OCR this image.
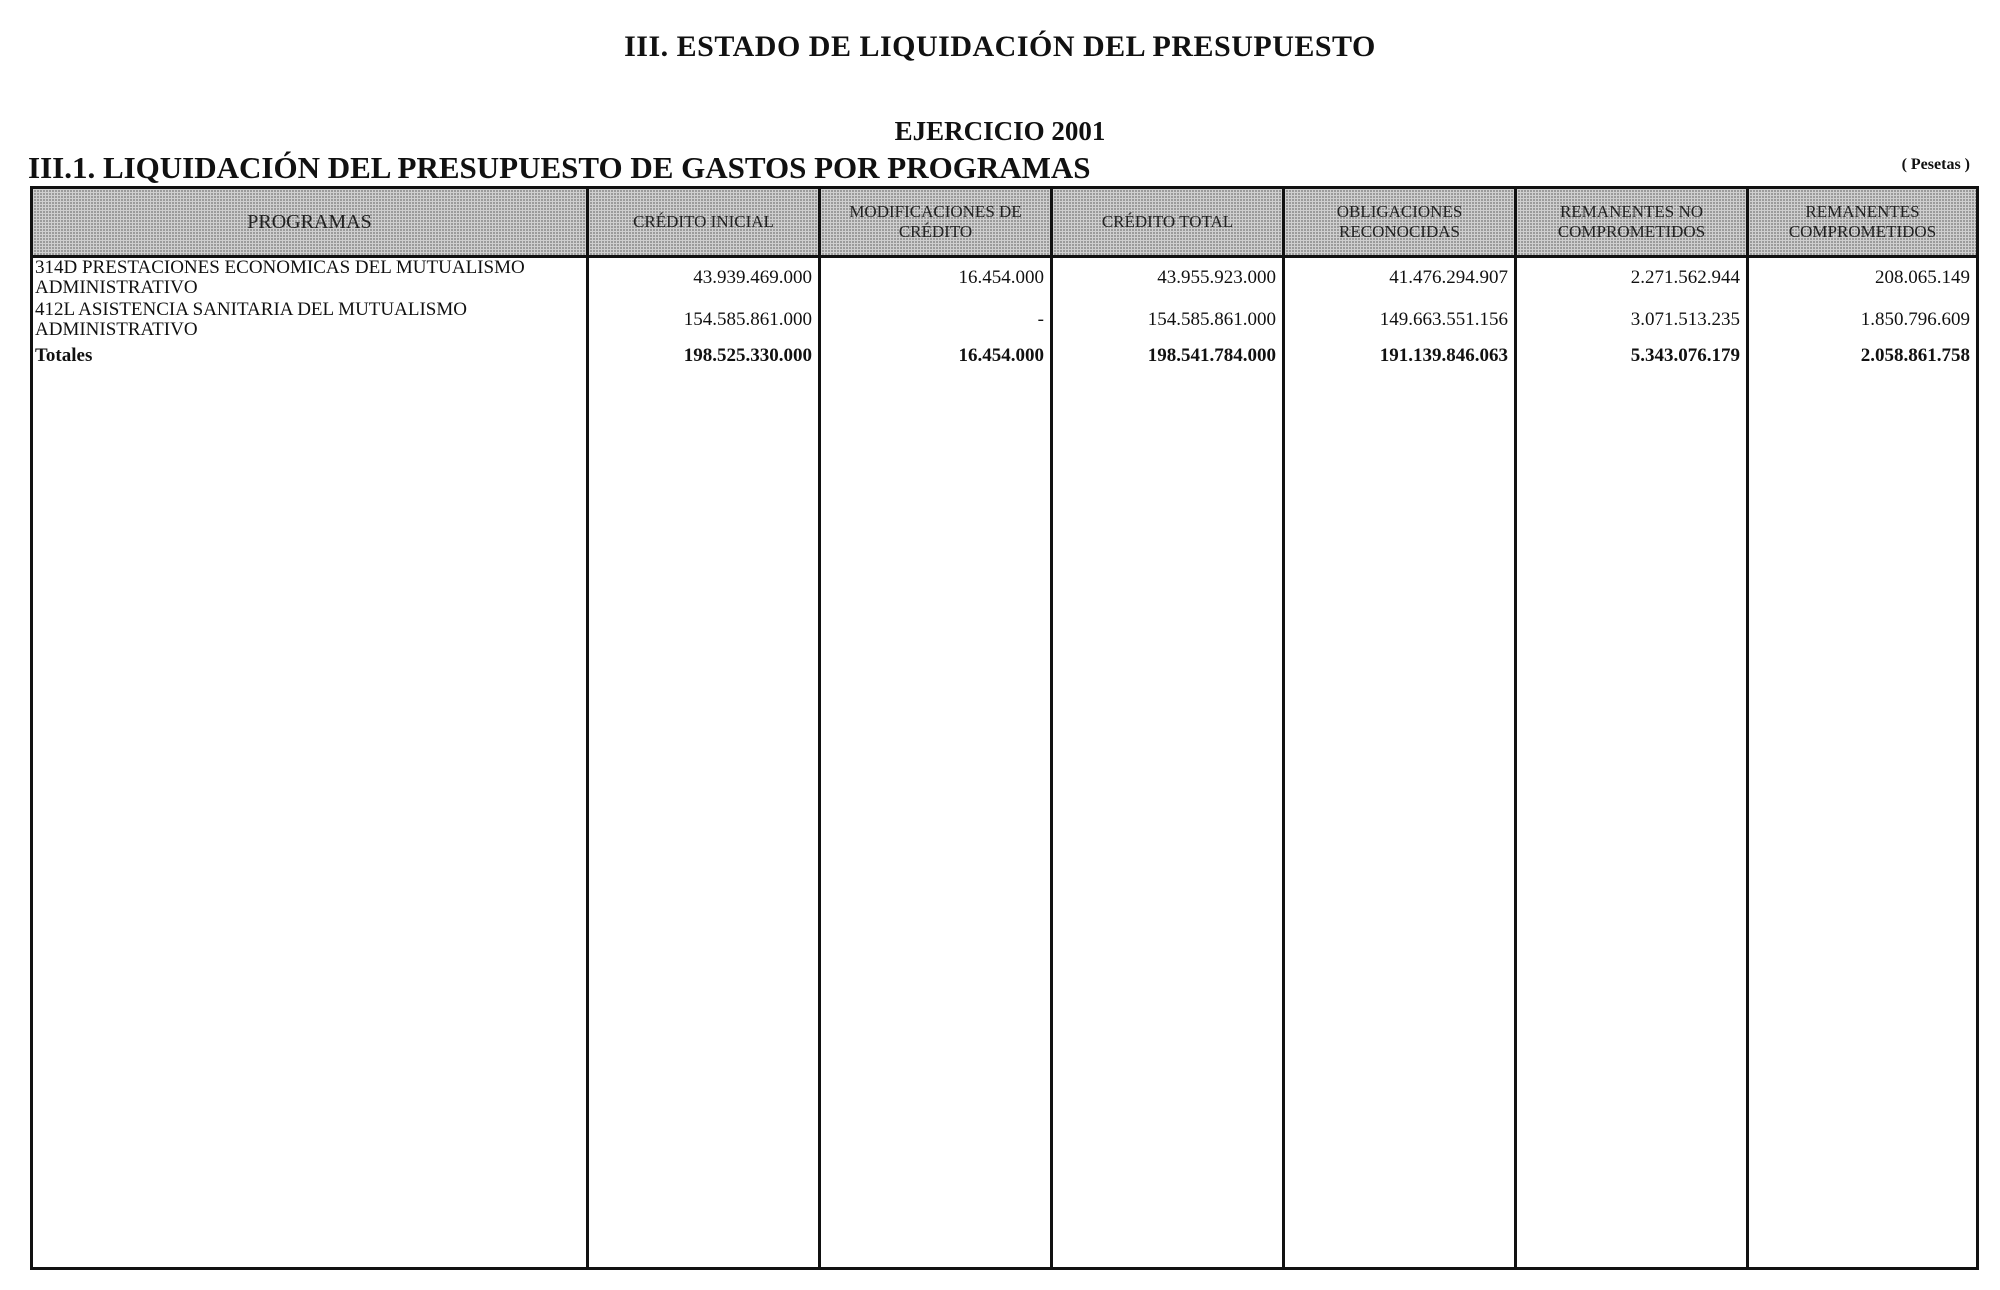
III. ESTADO DE LIQUIDACIÓN DEL PRESUPUESTO
EJERCICIO 2001
III.1. LIQUIDACIÓN DEL PRESUPUESTO DE GASTOS POR PROGRAMAS	( Pesetas )
PROGRAMAS	CRÉDITO INICIAL	MODIFICACIONES DE CRÉDITO	CRÉDITO TOTAL	OBLIGACIONES RECONOCIDAS	REMANENTES NO COMPROMETIDOS	REMANENTES COMPROMETIDOS
314D PRESTACIONES ECONOMICAS DEL MUTUALISMO ADMINISTRATIVO	43.939.469.000	16.454.000	43.955.923.000	41.476.294.907	2.271.562.944	208.065.149
412L ASISTENCIA SANITARIA DEL MUTUALISMO ADMINISTRATIVO	154.585.861.000	-	154.585.861.000	149.663.551.156	3.071.513.235	1.850.796.609
Totales	198.525.330.000	16.454.000	198.541.784.000	191.139.846.063	5.343.076.179	2.058.861.758
